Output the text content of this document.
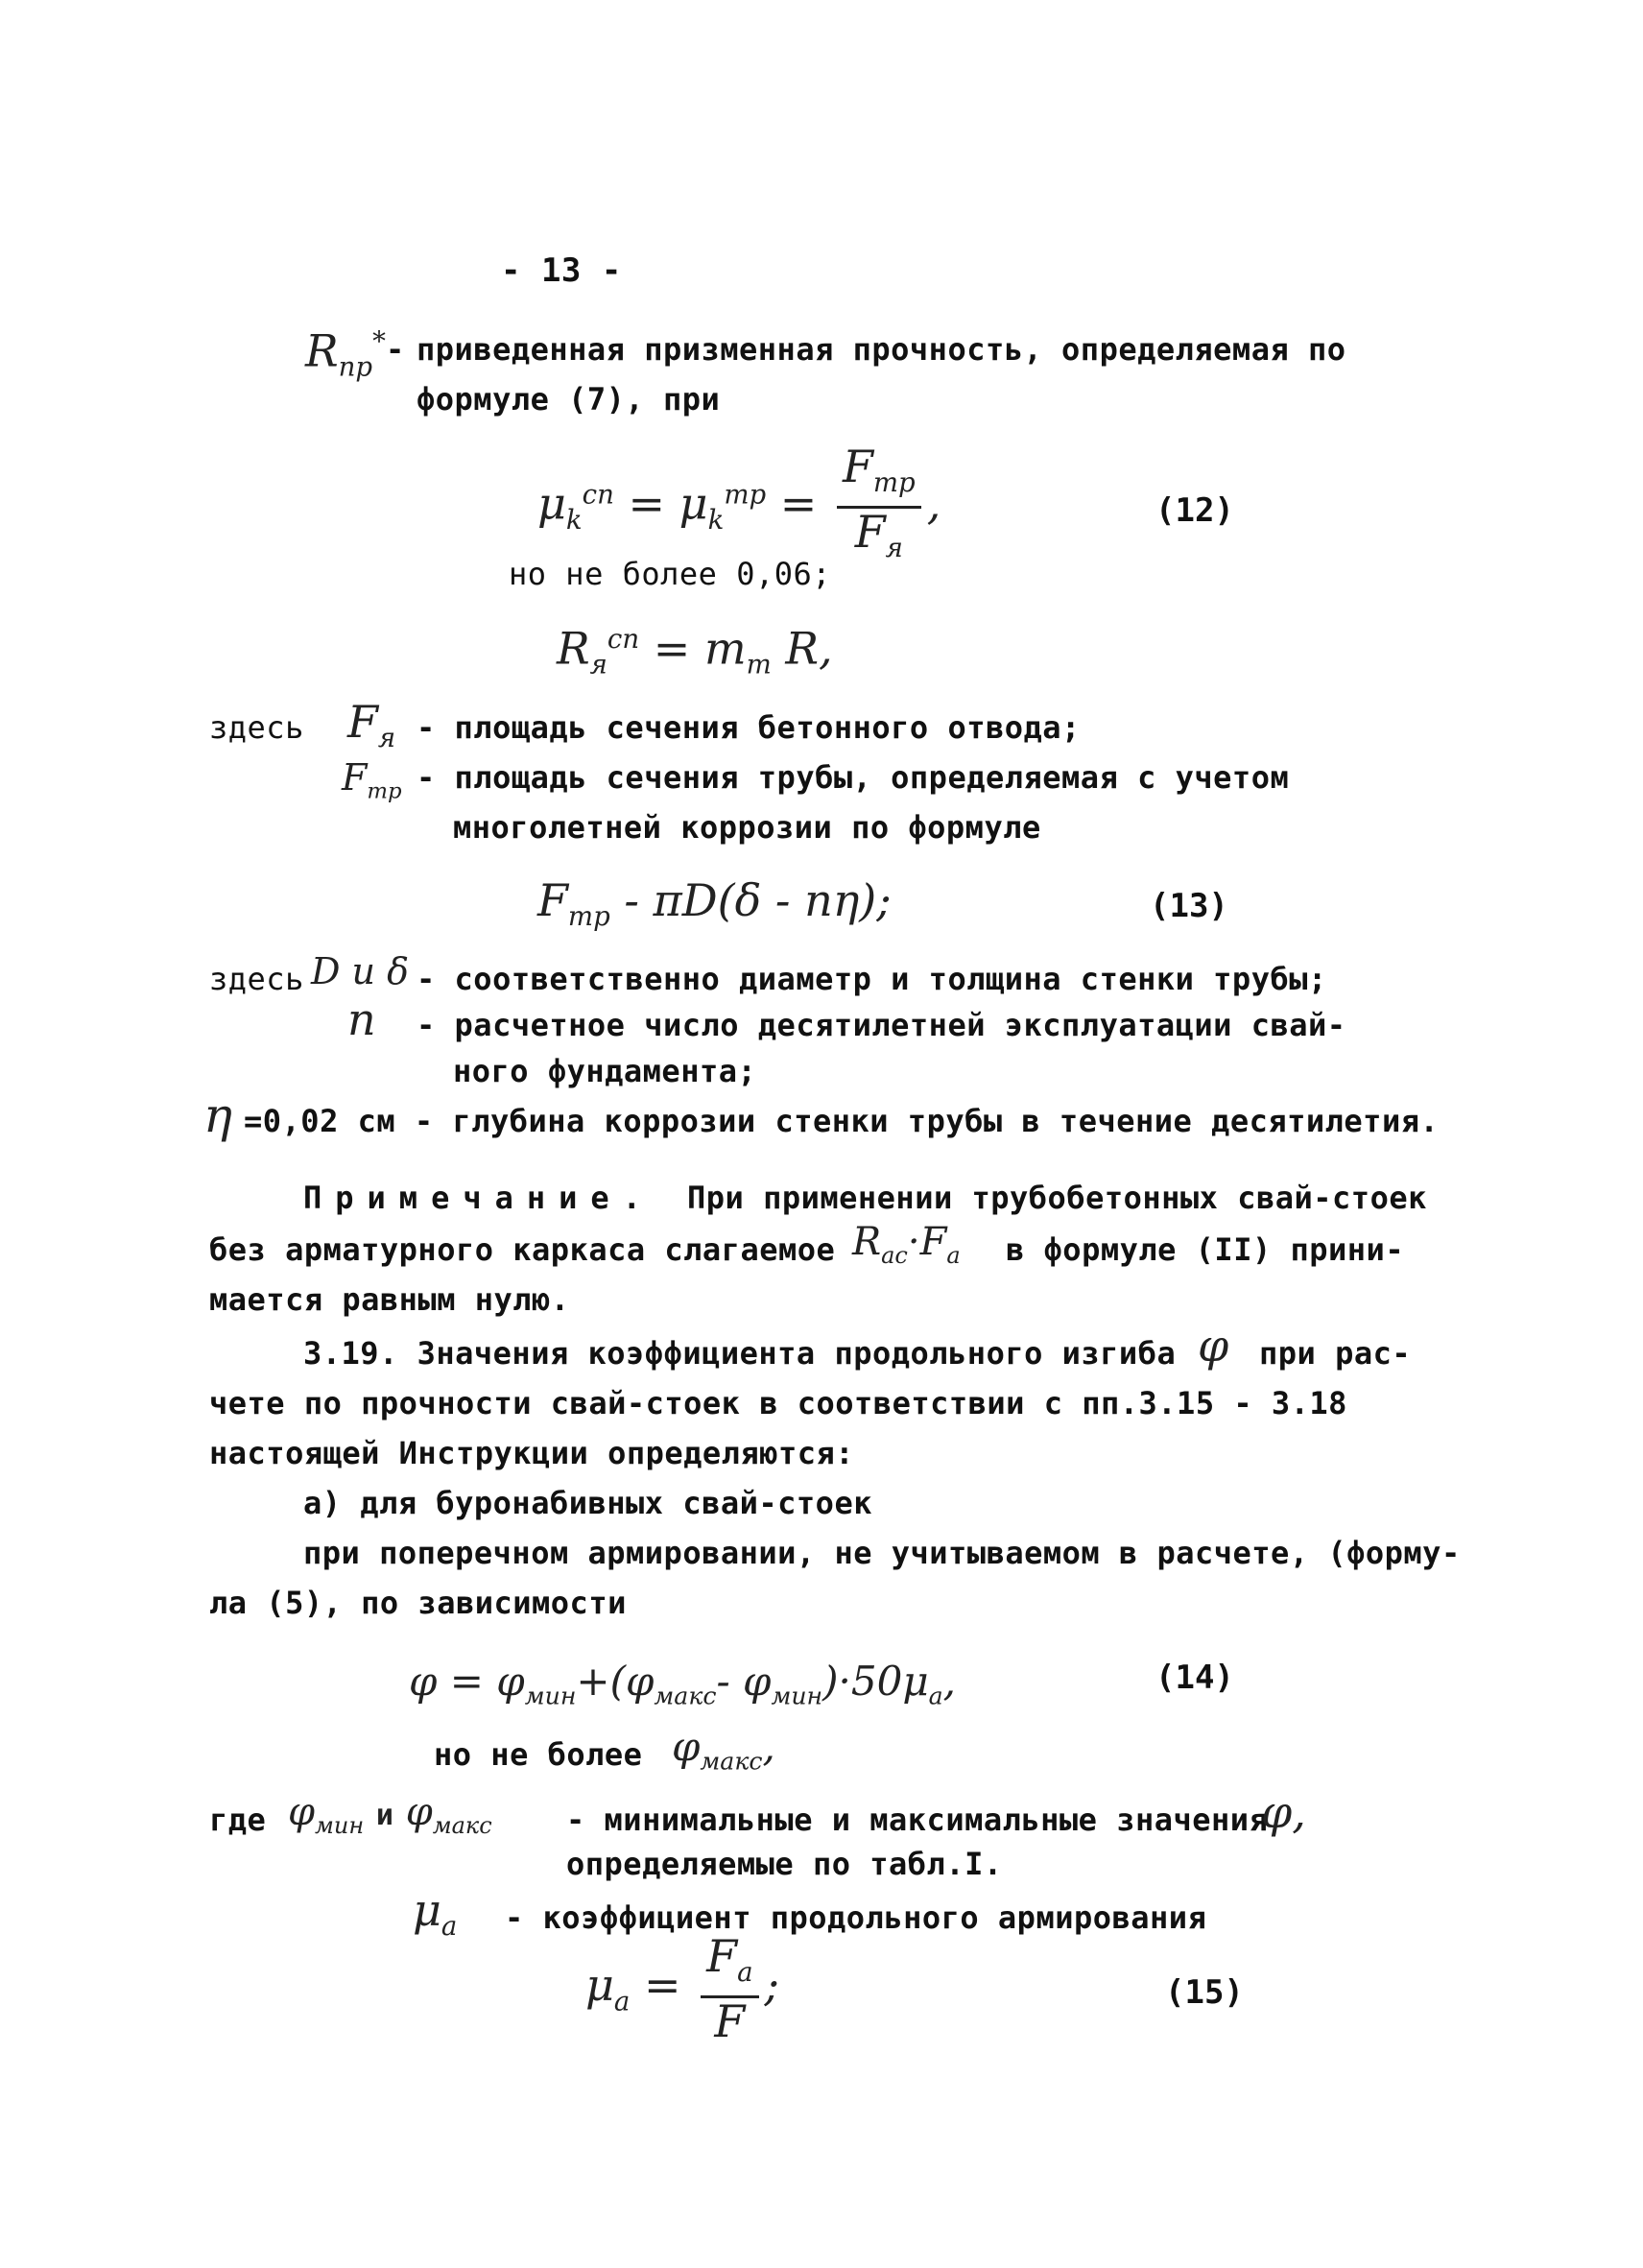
- 13 -
$R_{пр}^*$ - приведенная призменная прочность, определяемая по
формуле (7), при
$\mu_k^{сп} = \mu_k^{тр} = \frac{F_{тр}}{F_я}$ ,	(12)
но не более 0,06;
$R_я^{сп} = m_т$ R,
здесь $F_я$ - площадь сечения бетонного отвода;
$F_{тр}$ - площадь сечения трубы, определяемая с учетом
многолетней коррозии по формуле
$F_{тр} - \pi D(\delta - n\eta)$;	(13)
здесь D и δ - соответственно диаметр и толщина стенки трубы;
n - расчетное число десятилетней эксплуатации свай-
ного фундамента;
η =0,02 см - глубина коррозии стенки трубы в течение десятилетия.
Примечание. При применении трубобетонных свай-стоек
без арматурного каркаса слагаемое $R_{ас}\cdot F_а$ в формуле (II) прини-
мается равным нулю.
3.19. Значения коэффициента продольного изгиба φ при рас-
чете по прочности свай-стоек в соответствии с пп.3.15 - 3.18
настоящей Инструкции определяются:
а) для буронабивных свай-стоек
при поперечном армировании, не учитываемом в расчете, (форму-
ла (5), по зависимости
$\varphi = \varphi_{мин}+(\varphi_{макс}-$ $\varphi_{мин})\cdot 50\mu_а$,	(14)
но не более $\varphi_{макс}$,
где $\varphi_{мин}$ и $\varphi_{макс}$ - минимальные и максимальные значения
φ,
определяемые по табл.I.
$\mu_а$ - коэффициент продольного армирования
$\mu_а = \frac{F_а}{F}$ ;	(15)
